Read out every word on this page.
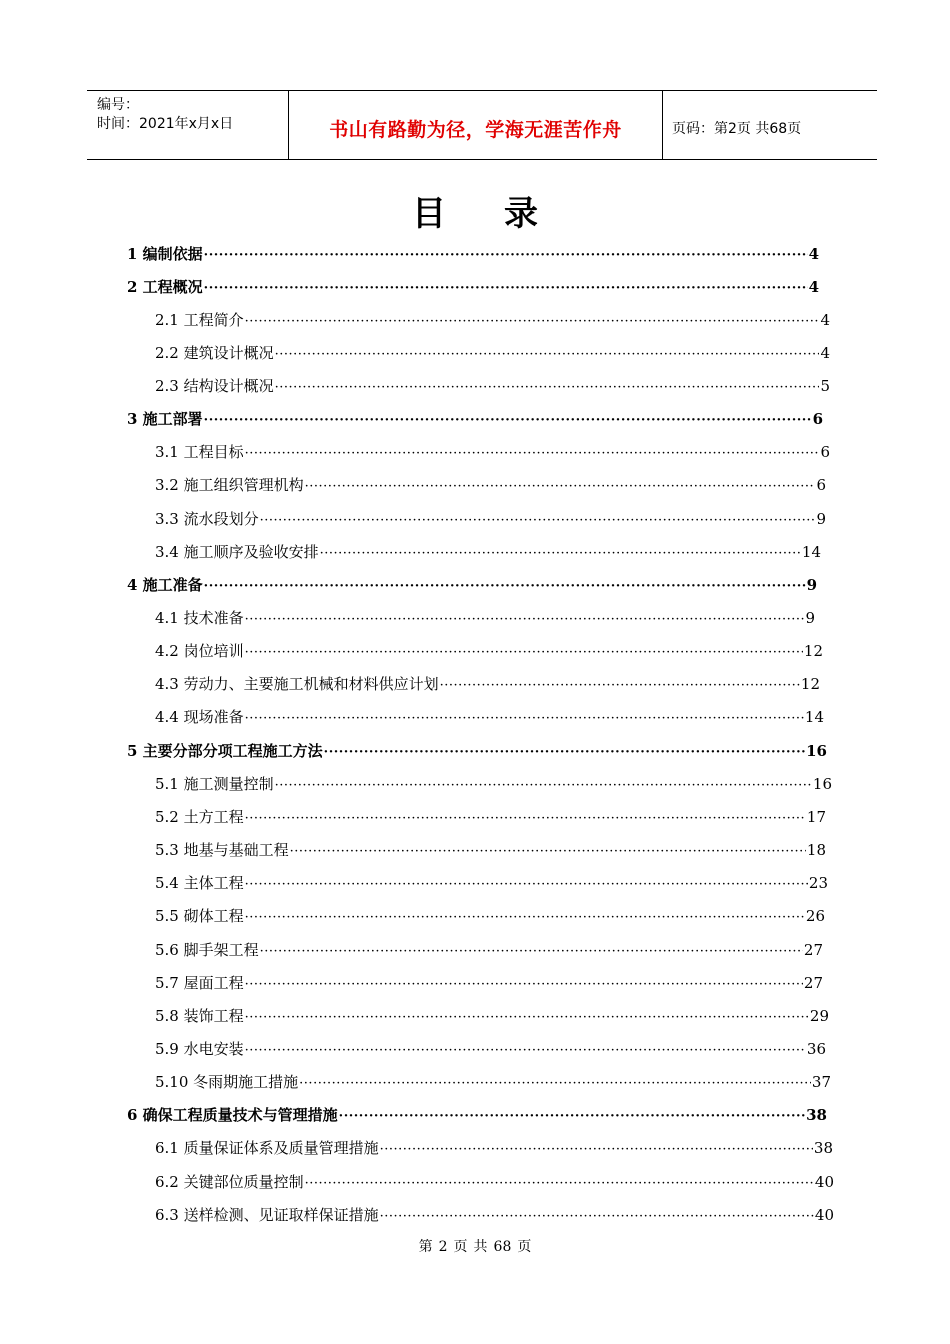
编号：
时间：2021年x月x日	书山有路勤为径，学海无涯苦作舟	页码：第2页 共68页
目 录
1 编制依据 ·····	4
2 工程概况 ·····	4
2.1 工程简介 ·····	4
2.2 建筑设计概况 ·····	4
2.3 结构设计概况 ·····	5
3 施工部署 ·····	6
3.1 工程目标 ·····	6
3.2 施工组织管理机构 ·····	6
3.3 流水段划分 ·····	9
3.4 施工顺序及验收安排 ·····	14
4 施工准备 ·····	9
4.1 技术准备 ·····	9
4.2 岗位培训 ·····	12
4.3 劳动力、主要施工机械和材料供应计划 ·····	12
4.4 现场准备 ·····	14
5 主要分部分项工程施工方法 ·····	16
5.1 施工测量控制 ·····	16
5.2 土方工程 ·····	17
5.3 地基与基础工程 ·····	18
5.4 主体工程 ·····	23
5.5 砌体工程 ·····	26
5.6 脚手架工程 ·····	27
5.7 屋面工程 ·····	27
5.8 装饰工程 ·····	29
5.9 水电安装 ·····	36
5.10 冬雨期施工措施 ·····	37
6 确保工程质量技术与管理措施 ·····	38
6.1 质量保证体系及质量管理措施 ·····	38
6.2 关键部位质量控制 ·····	40
6.3 送样检测、见证取样保证措施 ·····	40
第 2 页 共 68 页
